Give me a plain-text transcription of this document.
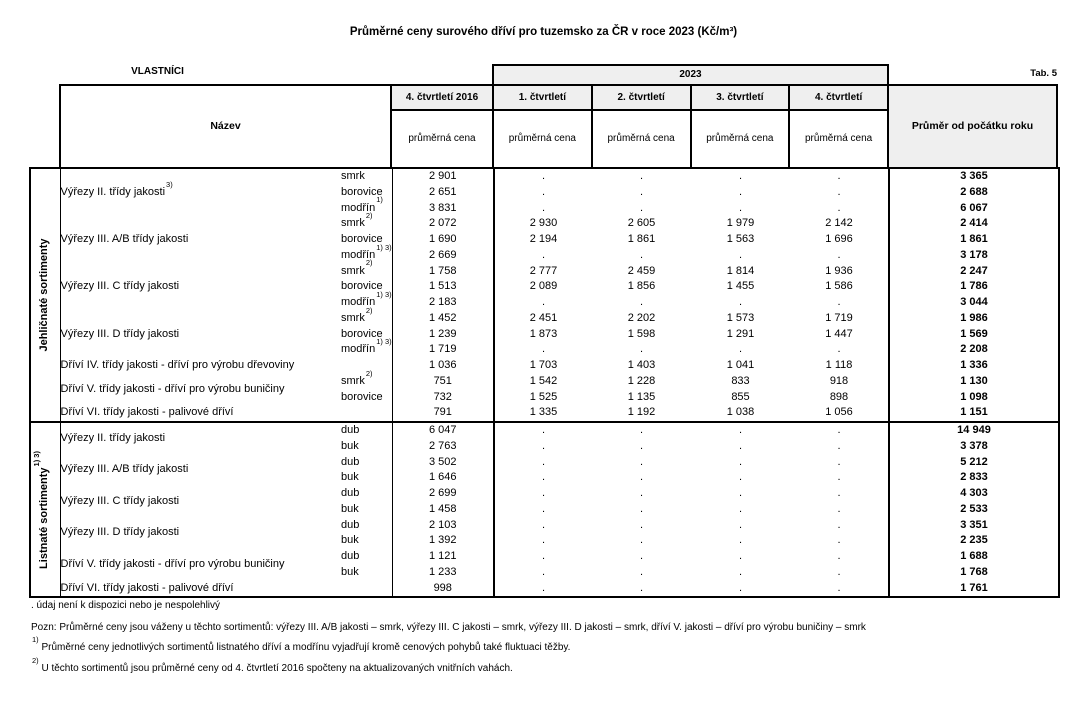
Průměrné ceny surového dříví pro tuzemsko za ČR v roce 2023 (Kč/m³)
VLASTNÍCI	Tab. 5
Název
4. čtvrtletí 2016
průměrná cena
2023
1. čtvrtletí	2. čtvrtletí	3. čtvrtletí	4. čtvrtletí
průměrná cena	průměrná cena	průměrná cena	průměrná cena
Průměr od počátku roku
Jehličnaté sortimenty	Výřezy II. třídy jakosti$^{3)}$	smrk	2 901	.	.	.	.	3 365
		borovice	2 651	.	.	.	.	2 688
		modřín$^{1)}$	3 831	.	.	.	.	6 067
	Výřezy III. A/B třídy jakosti	smrk$^{2)}$	2 072	2 930	2 605	1 979	2 142	2 414
		borovice	1 690	2 194	1 861	1 563	1 696	1 861
		modřín$^{1) 3)}$	2 669	.	.	.	.	3 178
	Výřezy III. C třídy jakosti	smrk$^{2)}$	1 758	2 777	2 459	1 814	1 936	2 247
		borovice	1 513	2 089	1 856	1 455	1 586	1 786
		modřín$^{1) 3)}$	2 183	.	.	.	.	3 044
	Výřezy III. D třídy jakosti	smrk$^{2)}$	1 452	2 451	2 202	1 573	1 719	1 986
		borovice	1 239	1 873	1 598	1 291	1 447	1 569
		modřín$^{1) 3)}$	1 719	.	.	.	.	2 208
	Dříví IV. třídy jakosti - dříví pro výrobu dřevoviny		1 036	1 703	1 403	1 041	1 118	1 336
	Dříví V. třídy jakosti - dříví pro výrobu buničiny	smrk$^{2)}$	751	1 542	1 228	833	918	1 130
		borovice	732	1 525	1 135	855	898	1 098
	Dříví VI. třídy jakosti - palivové dříví		791	1 335	1 192	1 038	1 056	1 151

Listnaté sortimenty$^{1) 3)}$	Výřezy II. třídy jakosti	dub	6 047	.	.	.	.	14 949
		buk	2 763	.	.	.	.	3 378
	Výřezy III. A/B třídy jakosti	dub	3 502	.	.	.	.	5 212
		buk	1 646	.	.	.	.	2 833
	Výřezy III. C třídy jakosti	dub	2 699	.	.	.	.	4 303
		buk	1 458	.	.	.	.	2 533
	Výřezy III. D třídy jakosti	dub	2 103	.	.	.	.	3 351
		buk	1 392	.	.	.	.	2 235
	Dříví V. třídy jakosti - dříví pro výrobu buničiny	dub	1 121	.	.	.	.	1 688
		buk	1 233	.	.	.	.	1 768
	Dříví VI. třídy jakosti - palivové dříví		998	.	.	.	.	1 761
. údaj není k dispozici nebo je nespolehlivý
Pozn: Průměrné ceny jsou váženy u těchto sortimentů: výřezy III. A/B jakosti – smrk, výřezy III. C jakosti – smrk, výřezy III. D jakosti – smrk, dříví V. jakosti – dříví pro výrobu buničiny – smrk
$^{1)}$ Průměrné ceny jednotlivých sortimentů listnatého dříví a modřínu vyjadřují kromě cenových pohybů také fluktuaci těžby.
$^{2)}$ U těchto sortimentů jsou průměrné ceny od 4. čtvrtletí 2016 spočteny na aktualizovaných vnitřních vahách.
